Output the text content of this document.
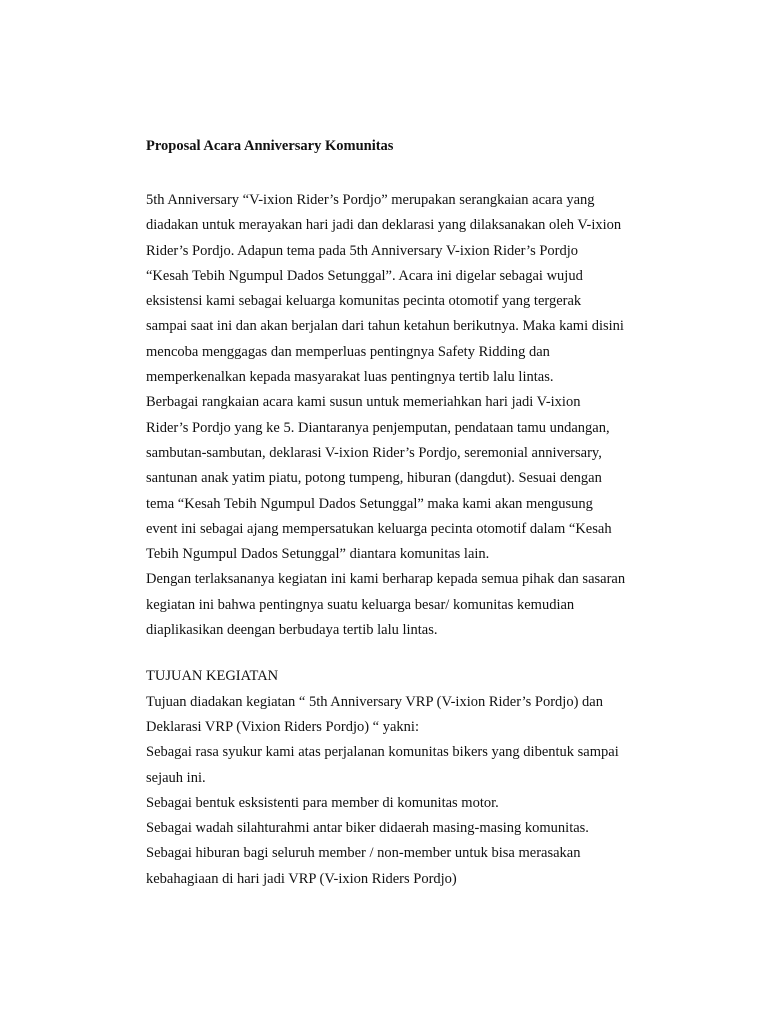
Proposal Acara Anniversary Komunitas
5th Anniversary “V-ixion Rider’s Pordjo” merupakan serangkaian acara yang
diadakan untuk merayakan hari jadi dan deklarasi yang dilaksanakan oleh V-ixion
Rider’s Pordjo. Adapun tema pada 5th Anniversary V-ixion Rider’s Pordjo
“Kesah Tebih Ngumpul Dados Setunggal”. Acara ini digelar sebagai wujud
eksistensi kami sebagai keluarga komunitas pecinta otomotif yang tergerak
sampai saat ini dan akan berjalan dari tahun ketahun berikutnya. Maka kami disini
mencoba menggagas dan memperluas pentingnya Safety Ridding dan
memperkenalkan kepada masyarakat luas pentingnya tertib lalu lintas.
Berbagai rangkaian acara kami susun untuk memeriahkan hari jadi V-ixion
Rider’s Pordjo yang ke 5. Diantaranya penjemputan, pendataan tamu undangan,
sambutan-sambutan, deklarasi V-ixion Rider’s Pordjo, seremonial anniversary,
santunan anak yatim piatu, potong tumpeng, hiburan (dangdut). Sesuai dengan
tema “Kesah Tebih Ngumpul Dados Setunggal” maka kami akan mengusung
event ini sebagai ajang mempersatukan keluarga pecinta otomotif dalam “Kesah
Tebih Ngumpul Dados Setunggal” diantara komunitas lain.
Dengan terlaksananya kegiatan ini kami berharap kepada semua pihak dan sasaran
kegiatan ini bahwa pentingnya suatu keluarga besar/ komunitas kemudian
diaplikasikan deengan berbudaya tertib lalu lintas.
TUJUAN KEGIATAN
Tujuan diadakan kegiatan “ 5th Anniversary VRP (V-ixion Rider’s Pordjo) dan
Deklarasi VRP (Vixion Riders Pordjo) “ yakni:
Sebagai rasa syukur kami atas perjalanan komunitas bikers yang dibentuk sampai
sejauh ini.
Sebagai bentuk esksistenti para member di komunitas motor.
Sebagai wadah silahturahmi antar biker didaerah masing-masing komunitas.
Sebagai hiburan bagi seluruh member / non-member untuk bisa merasakan
kebahagiaan di hari jadi VRP (V-ixion Riders Pordjo)
